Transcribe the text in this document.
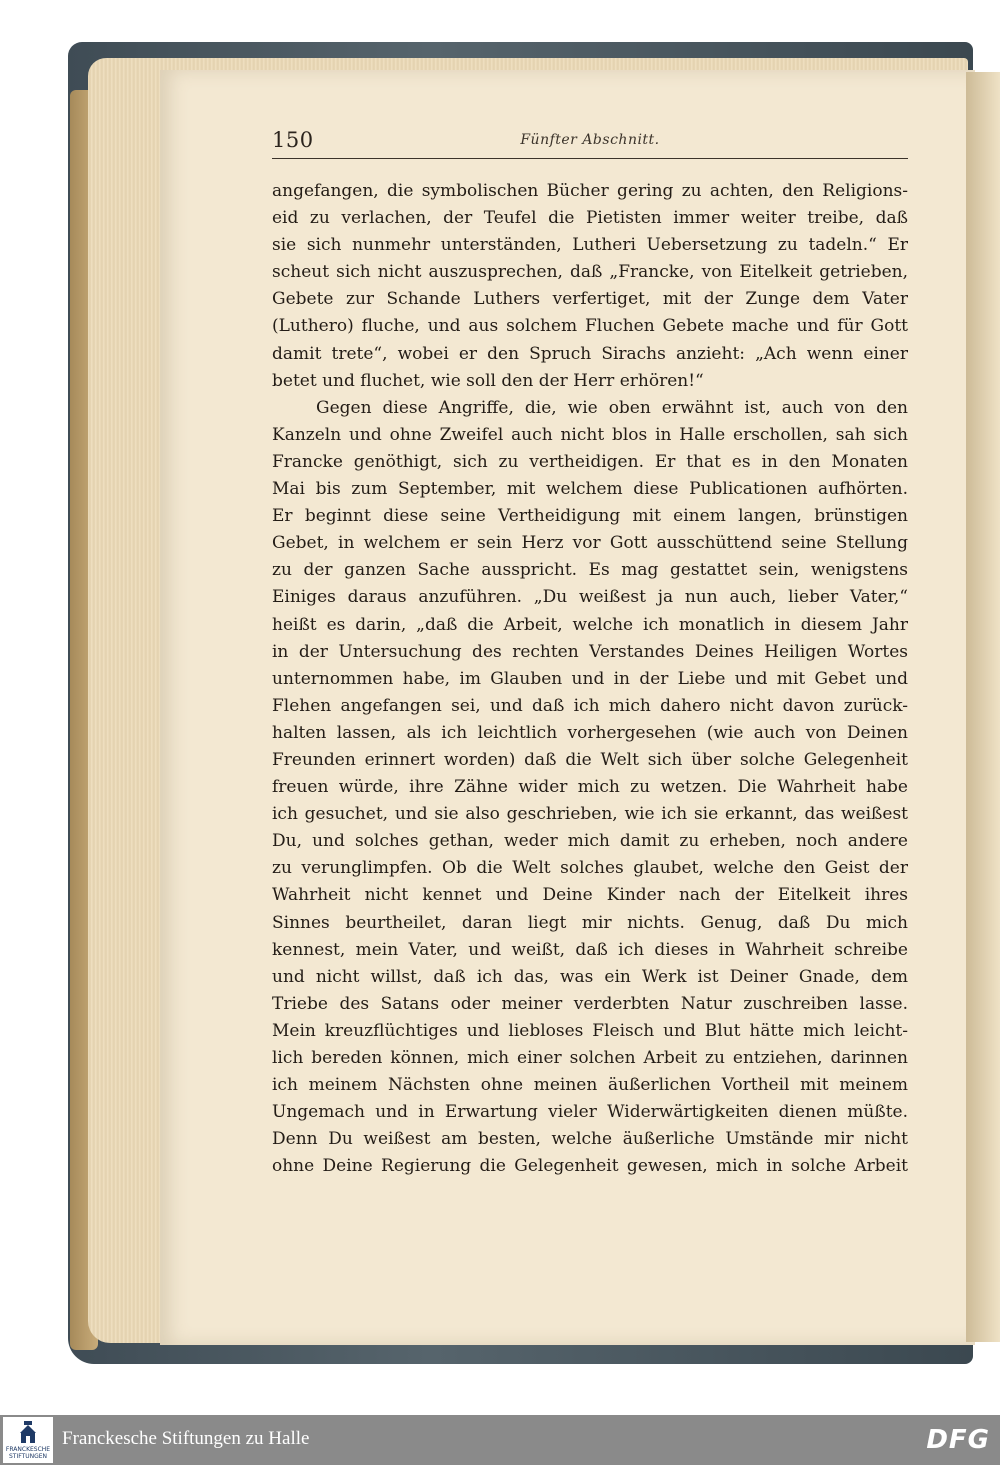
150	Fünfter Abschnitt.
angefangen, die symbolischen Bücher gering zu achten, den Religions-
eid zu verlachen, der Teufel die Pietisten immer weiter treibe, daß
sie sich nunmehr unterständen, Lutheri Uebersetzung zu tadeln.“ Er
scheut sich nicht auszusprechen, daß „Francke, von Eitelkeit getrieben,
Gebete zur Schande Luthers verfertiget, mit der Zunge dem Vater
(Luthero) fluche, und aus solchem Fluchen Gebete mache und für Gott
damit trete“, wobei er den Spruch Sirachs anzieht: „Ach wenn einer
betet und fluchet, wie soll den der Herr erhören!“
Gegen diese Angriffe, die, wie oben erwähnt ist, auch von den
Kanzeln und ohne Zweifel auch nicht blos in Halle erschollen, sah sich
Francke genöthigt, sich zu vertheidigen. Er that es in den Monaten
Mai bis zum September, mit welchem diese Publicationen aufhörten.
Er beginnt diese seine Vertheidigung mit einem langen, brünstigen
Gebet, in welchem er sein Herz vor Gott ausschüttend seine Stellung
zu der ganzen Sache ausspricht. Es mag gestattet sein, wenigstens
Einiges daraus anzuführen. „Du weißest ja nun auch, lieber Vater,“
heißt es darin, „daß die Arbeit, welche ich monatlich in diesem Jahr
in der Untersuchung des rechten Verstandes Deines Heiligen Wortes
unternommen habe, im Glauben und in der Liebe und mit Gebet und
Flehen angefangen sei, und daß ich mich dahero nicht davon zurück-
halten lassen, als ich leichtlich vorhergesehen (wie auch von Deinen
Freunden erinnert worden) daß die Welt sich über solche Gelegenheit
freuen würde, ihre Zähne wider mich zu wetzen. Die Wahrheit habe
ich gesuchet, und sie also geschrieben, wie ich sie erkannt, das weißest
Du, und solches gethan, weder mich damit zu erheben, noch andere
zu verunglimpfen. Ob die Welt solches glaubet, welche den Geist der
Wahrheit nicht kennet und Deine Kinder nach der Eitelkeit ihres
Sinnes beurtheilet, daran liegt mir nichts. Genug, daß Du mich
kennest, mein Vater, und weißt, daß ich dieses in Wahrheit schreibe
und nicht willst, daß ich das, was ein Werk ist Deiner Gnade, dem
Triebe des Satans oder meiner verderbten Natur zuschreiben lasse.
Mein kreuzflüchtiges und liebloses Fleisch und Blut hätte mich leicht-
lich bereden können, mich einer solchen Arbeit zu entziehen, darinnen
ich meinem Nächsten ohne meinen äußerlichen Vortheil mit meinem
Ungemach und in Erwartung vieler Widerwärtigkeiten dienen müßte.
Denn Du weißest am besten, welche äußerliche Umstände mir nicht
ohne Deine Regierung die Gelegenheit gewesen, mich in solche Arbeit
FRANCKESCHE
STIFTUNGEN
Franckesche Stiftungen zu Halle	DFG
